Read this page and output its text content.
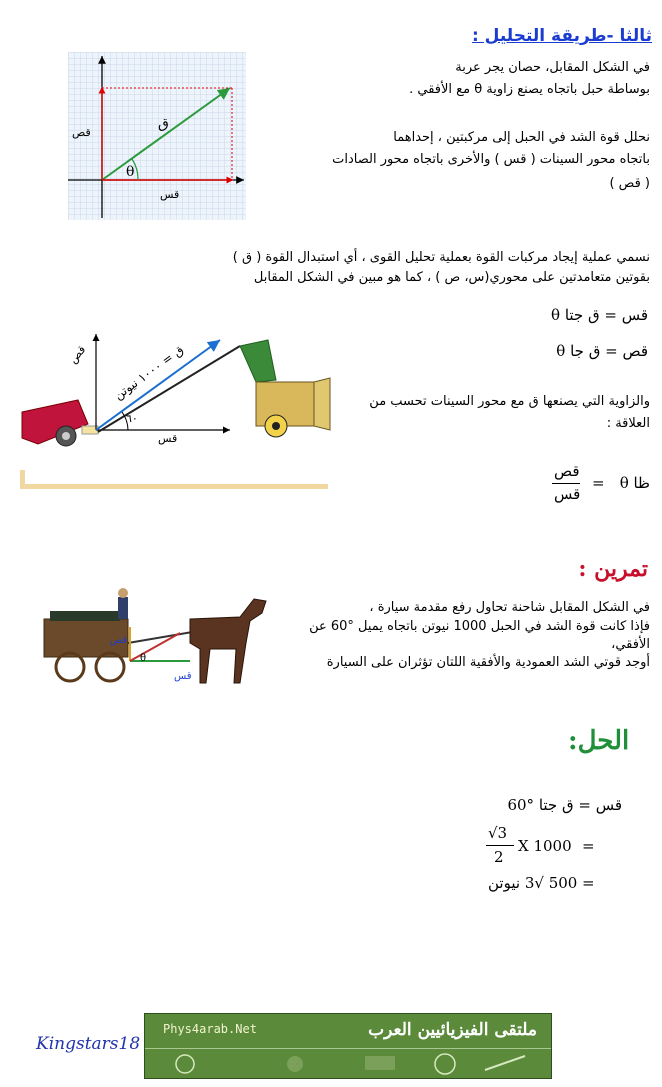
ثالثا -طريقة التحليل :
ق
θ
قص
قس
في الشكل المقابل، حصان يجر عربة
بوساطة حبل باتجاه يصنع زاوية θ مع الأفقي .
نحلل قوة الشد في الحبل إلى مركبتين ، إحداهما
باتجاه محور السينات ( قس ) والأخرى باتجاه محور الصادات
( قص )
نسمي عملية إيجاد مركبات القوة بعملية تحليل القوى ، أي استبدال القوة ( ق )
بقوتين متعامدتين على محوري(س، ص ) ، كما هو مبين في الشكل المقابل
قس = ق جتا θ
قص = ق جا θ
ق = ١٠٠٠ نيوتن
قص
قس
٦٠
والزاوية التي يصنعها ق مع محور السينات تحسب من
العلاقة :
ظا θ
=
قص
قس
تمرين :
في الشكل المقابل شاحنة تحاول رفع مقدمة سيارة ،
فإذا كانت قوة الشد في الحبل 1000 نيوتن باتجاه يميل °60 عن
الأفقي،
أوجد قوتي الشد العمودية والأفقية اللتان تؤثران على السيارة
θ
قص
قس
الحل:
قس = ق جتا °60
√3
2
X 1000 =
500 √3 نيوتن =
Kingstars18
Phys4arab.Net	ملتقى الفيزيائيين العرب
